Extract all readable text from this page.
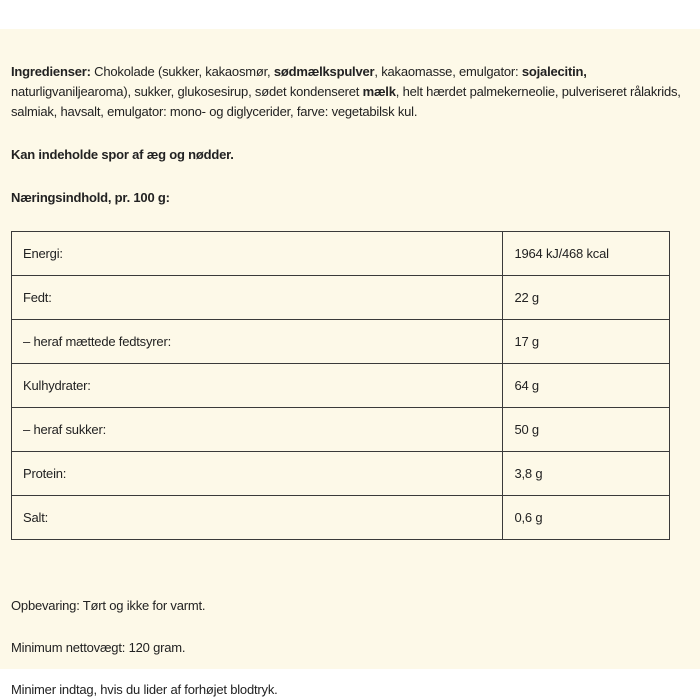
Ingredienser: Chokolade (sukker, kakaosmør, sødmælkspulver, kakaomasse, emulgator: sojalecitin, naturligvaniljearoma), sukker, glukosesirup, sødet kondenseret mælk, helt hærdet palmekerneolie, pulveriseret rålakrids, salmiak, havsalt, emulgator: mono- og diglycerider, farve: vegetabilsk kul.

Kan indeholde spor af æg og nødder.

Næringsindhold, pr. 100 g:

Energi:	1964 kJ/468 kcal
Fedt:	22 g
– heraf mættede fedtsyrer:	17 g
Kulhydrater:	64 g
– heraf sukker:	50 g
Protein:	3,8 g
Salt:	0,6 g

Opbevaring: Tørt og ikke for varmt.

Minimum nettovægt: 120 gram.

Minimer indtag, hvis du lider af forhøjet blodtryk.
